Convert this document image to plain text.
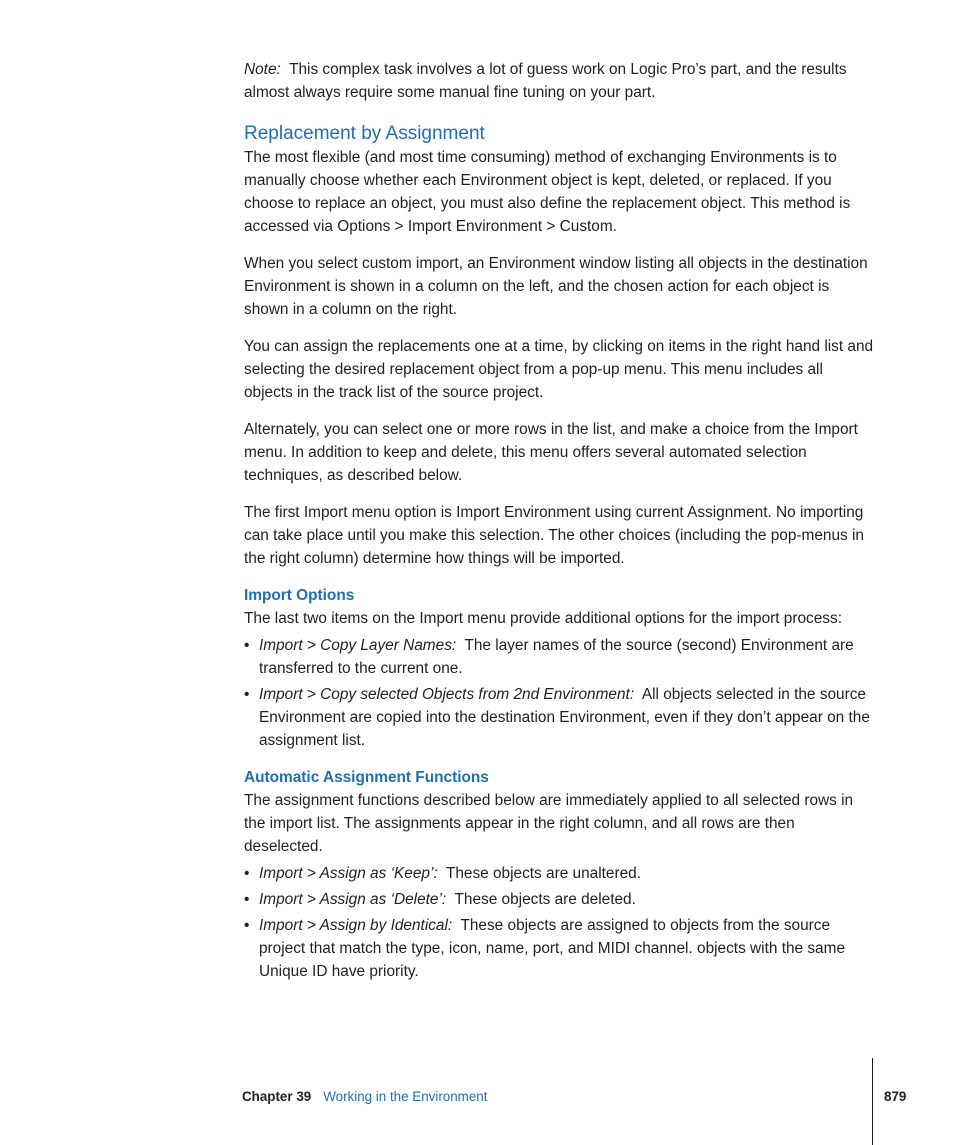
Note: This complex task involves a lot of guess work on Logic Pro’s part, and the results almost always require some manual fine tuning on your part.

Replacement by Assignment

The most flexible (and most time consuming) method of exchanging Environments is to manually choose whether each Environment object is kept, deleted, or replaced. If you choose to replace an object, you must also define the replacement object. This method is accessed via Options > Import Environment > Custom.

When you select custom import, an Environment window listing all objects in the destination Environment is shown in a column on the left, and the chosen action for each object is shown in a column on the right.

You can assign the replacements one at a time, by clicking on items in the right hand list and selecting the desired replacement object from a pop-up menu. This menu includes all objects in the track list of the source project.

Alternately, you can select one or more rows in the list, and make a choice from the Import menu. In addition to keep and delete, this menu offers several automated selection techniques, as described below.

The first Import menu option is Import Environment using current Assignment. No importing can take place until you make this selection. The other choices (including the pop-menus in the right column) determine how things will be imported.

Import Options

The last two items on the Import menu provide additional options for the import process:

• Import > Copy Layer Names: The layer names of the source (second) Environment are transferred to the current one.
• Import > Copy selected Objects from 2nd Environment: All objects selected in the source Environment are copied into the destination Environment, even if they don’t appear on the assignment list.
Automatic Assignment Functions

The assignment functions described below are immediately applied to all selected rows in the import list. The assignments appear in the right column, and all rows are then deselected.

• Import > Assign as ‘Keep’: These objects are unaltered.
• Import > Assign as ‘Delete’: These objects are deleted.
• Import > Assign by Identical: These objects are assigned to objects from the source project that match the type, icon, name, port, and MIDI channel. objects with the same Unique ID have priority.
Chapter 39 Working in the Environment	879
